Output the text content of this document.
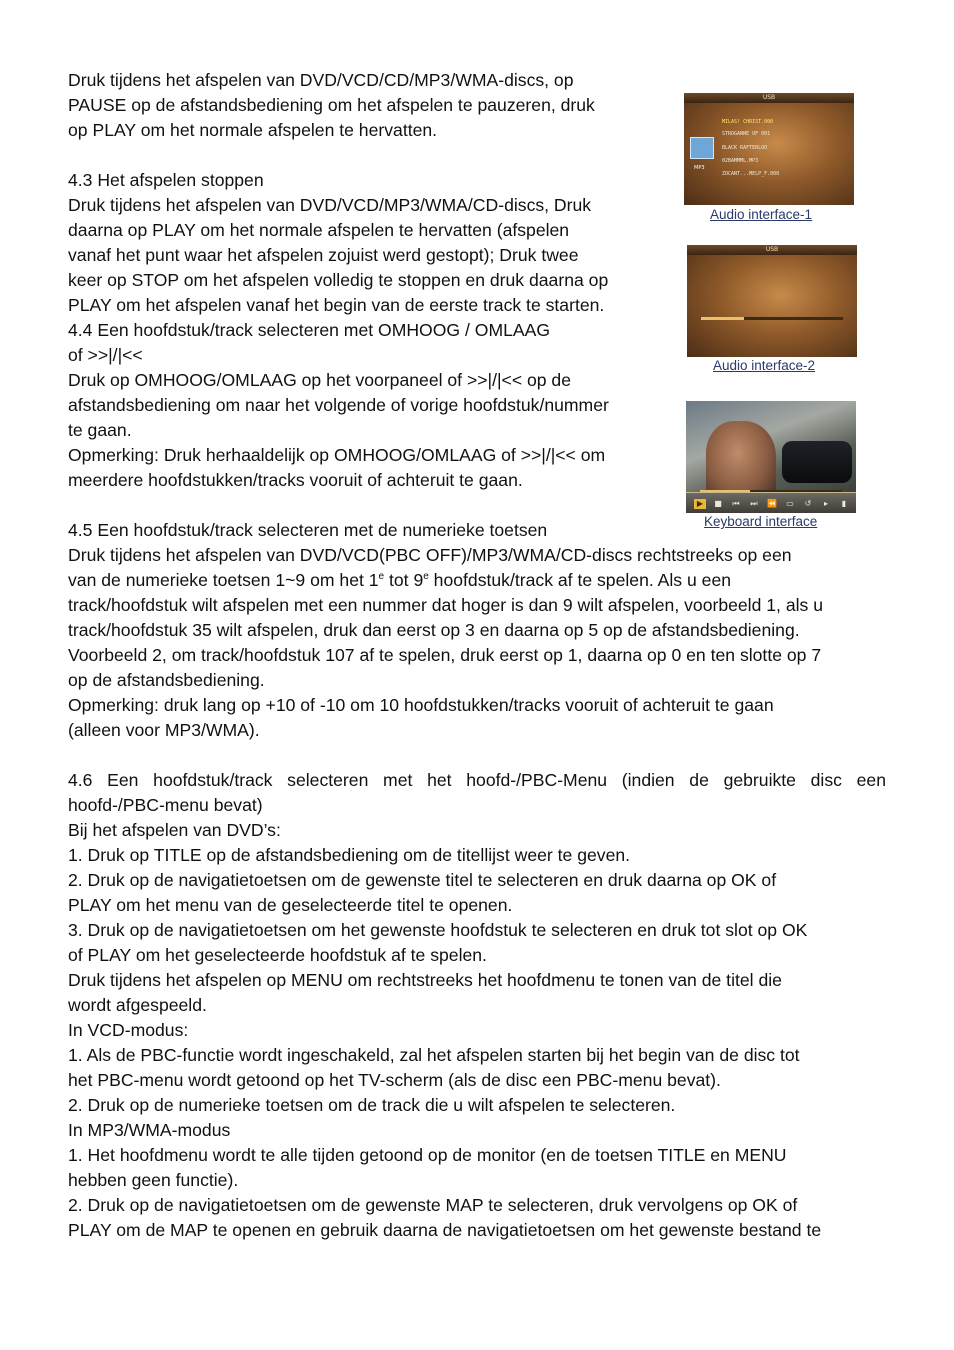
Druk tijdens het afspelen van DVD/VCD/CD/MP3/WMA-discs, op

PAUSE op de afstandsbediening om het afspelen te pauzeren, druk

op PLAY om het normale afspelen te hervatten.

4.3 Het afspelen stoppen

Druk tijdens het afspelen van DVD/VCD/MP3/WMA/CD-discs, Druk

daarna op PLAY om het normale afspelen te hervatten (afspelen

vanaf het punt waar het afspelen zojuist werd gestopt); Druk twee

keer op STOP om het afspelen volledig te stoppen en druk daarna op

PLAY om het afspelen vanaf het begin van de eerste track te starten.

4.4 Een hoofdstuk/track selecteren met OMHOOG / OMLAAG

of >>|/|<<

Druk op OMHOOG/OMLAAG op het voorpaneel of >>|/|<< op de

afstandsbediening om naar het volgende of vorige hoofdstuk/nummer

te gaan.

Opmerking: Druk herhaaldelijk op OMHOOG/OMLAAG of >>|/|<< om

meerdere hoofdstukken/tracks vooruit of achteruit te gaan.

4.5 Een hoofdstuk/track selecteren met de numerieke toetsen

Druk tijdens het afspelen van DVD/VCD(PBC OFF)/MP3/WMA/CD-discs rechtstreeks op een

van de numerieke toetsen 1~9 om het 1e tot 9e hoofdstuk/track af te spelen. Als u een

track/hoofdstuk wilt afspelen met een nummer dat hoger is dan 9 wilt afspelen, voorbeeld 1, als u

track/hoofdstuk 35 wilt afspelen, druk dan eerst op 3 en daarna op 5 op de afstandsbediening.

Voorbeeld 2, om track/hoofdstuk 107 af te spelen, druk eerst op 1, daarna op 0 en ten slotte op 7

op de afstandsbediening.

Opmerking: druk lang op +10 of -10 om 10 hoofdstukken/tracks vooruit of achteruit te gaan

(alleen voor MP3/WMA).

4.6 Een hoofdstuk/track selecteren met het hoofd-/PBC-Menu (indien de gebruikte disc een

hoofd-/PBC-menu bevat)

Bij het afspelen van DVD’s:

1. Druk op TITLE op de afstandsbediening om de titellijst weer te geven.

2. Druk op de navigatietoetsen om de gewenste titel te selecteren en druk daarna op OK of

PLAY om het menu van de geselecteerde titel te openen.

3. Druk op de navigatietoetsen om het gewenste hoofdstuk te selecteren en druk tot slot op OK

of PLAY om het geselecteerde hoofdstuk af te spelen.

Druk tijdens het afspelen op MENU om rechtstreeks het hoofdmenu te tonen van de titel die

wordt afgespeeld.

In VCD-modus:

1. Als de PBC-functie wordt ingeschakeld, zal het afspelen starten bij het begin van de disc tot

het PBC-menu wordt getoond op het TV-scherm (als de disc een PBC-menu bevat).

2. Druk op de numerieke toetsen om de track die u wilt afspelen te selecteren.

In MP3/WMA-modus

1. Het hoofdmenu wordt te alle tijden getoond op de monitor (en de toetsen TITLE en MENU

hebben geen functie).

2. Druk op de navigatietoetsen om de gewenste MAP te selecteren, druk vervolgens op OK of

PLAY om de MAP te openen en gebruik daarna de navigatietoetsen om het gewenste bestand te

USB
MP3
MILAS! CHRIST.000
STROGANNE OF 001
BLACK RAFTERLOO
02BAMMML.MP3
ZOCANT...MELP_F.000
Audio interface-1
USB
Audio interface-2
▶	■ ⏮	⏭	⏪ ▭	↺	▸	▮
Keyboard interface
